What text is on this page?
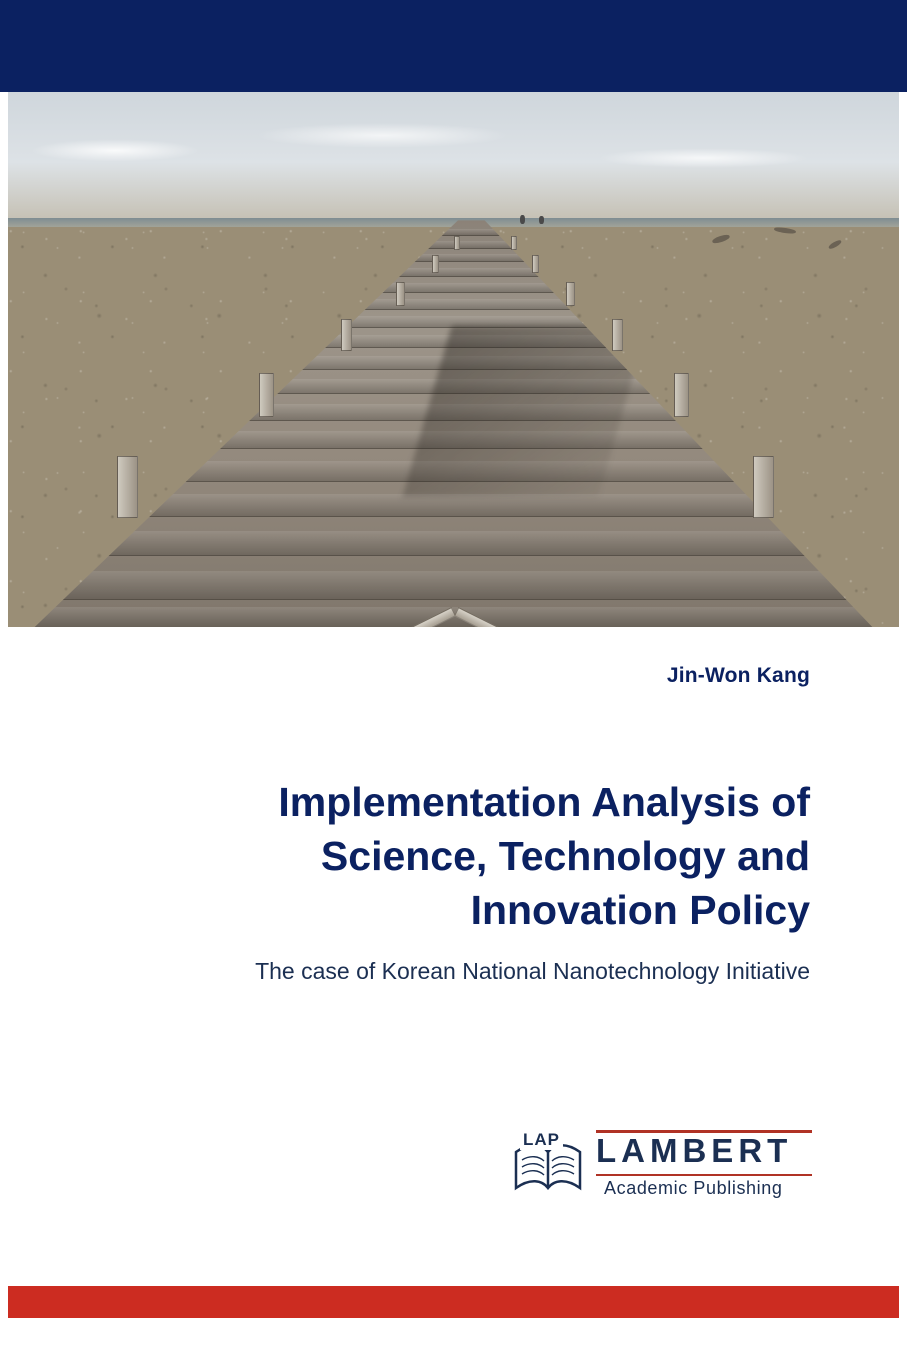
Jin-Won Kang
Implementation Analysis of
Science, Technology and
Innovation Policy
The case of Korean National Nanotechnology Initiative
LAP LAMBERT
Academic Publishing
